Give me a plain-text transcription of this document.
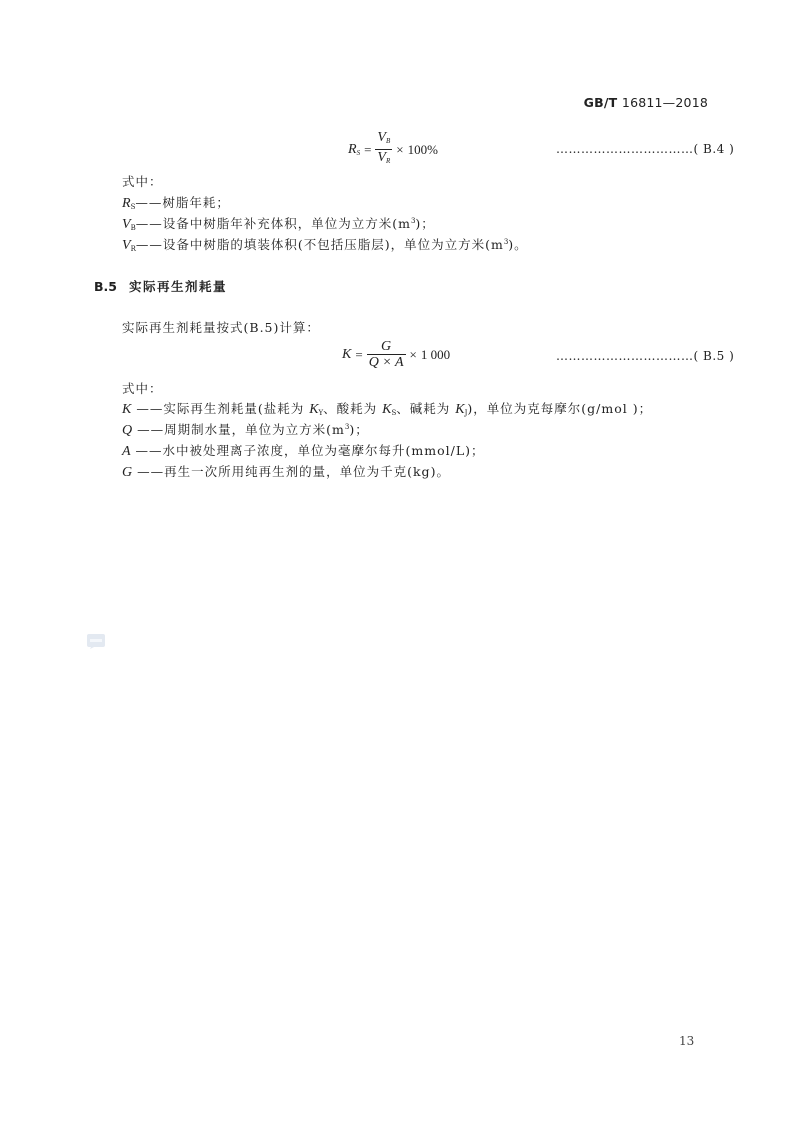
GB/T 16811—2018
$R_S = \frac{V_B}{V_R} \times 100\%$	……………………………( B.4 )
式中：
$R_S——$树脂年耗；
$V_B——$设备中树脂年补充体积，单位为立方米$(m^3)$；
$V_R——$设备中树脂的填装体积(不包括压脂层)，单位为立方米$(m^3)$。
B.5 实际再生剂耗量
实际再生剂耗量按式(B.5)计算：
$K = \frac{G}{Q \times A} \times 1$ 000	……………………………( B.5 )
式中：
K ——实际再生剂耗量(盐耗为 $K_Y$、酸耗为 $K_S$、碱耗为 $K_J$)，单位为克每摩尔(g/mol )；
Q ——周期制水量，单位为立方米$(m^3)$；
A ——水中被处理离子浓度，单位为毫摩尔每升(mmol/L)；
G ——再生一次所用纯再生剂的量，单位为千克(kg)。
13
